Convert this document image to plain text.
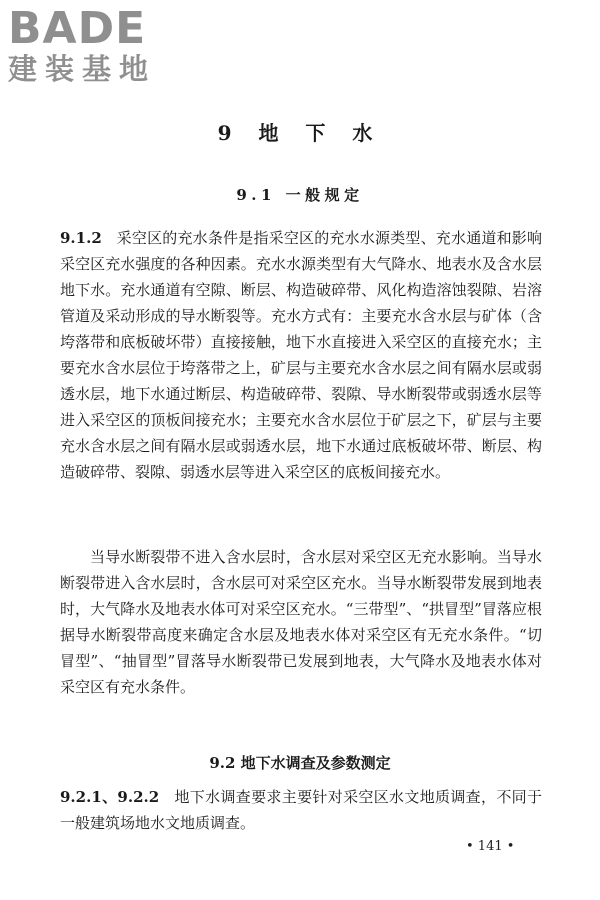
BADE
建装基地
9 地 下 水
9.1 一般规定

9.1.2 采空区的充水条件是指采空区的充水水源类型、充水通道和影响采空区充水强度的各种因素。充水水源类型有大气降水、地表水及含水层地下水。充水通道有空隙、断层、构造破碎带、风化构造溶蚀裂隙、岩溶管道及采动形成的导水断裂等。充水方式有：主要充水含水层与矿体（含垮落带和底板破坏带）直接接触，地下水直接进入采空区的直接充水；主要充水含水层位于垮落带之上，矿层与主要充水含水层之间有隔水层或弱透水层，地下水通过断层、构造破碎带、裂隙、导水断裂带或弱透水层等进入采空区的顶板间接充水；主要充水含水层位于矿层之下，矿层与主要充水含水层之间有隔水层或弱透水层，地下水通过底板破坏带、断层、构造破碎带、裂隙、弱透水层等进入采空区的底板间接充水。

当导水断裂带不进入含水层时，含水层对采空区无充水影响。当导水断裂带进入含水层时，含水层可对采空区充水。当导水断裂带发展到地表时，大气降水及地表水体可对采空区充水。“三带型”、“拱冒型”冒落应根据导水断裂带高度来确定含水层及地表水体对采空区有无充水条件。“切冒型”、“抽冒型”冒落导水断裂带已发展到地表，大气降水及地表水体对采空区有充水条件。

9.2 地下水调查及参数测定

9.2.1、9.2.2 地下水调查要求主要针对采空区水文地质调查，不同于一般建筑场地水文地质调查。

• 141 •
